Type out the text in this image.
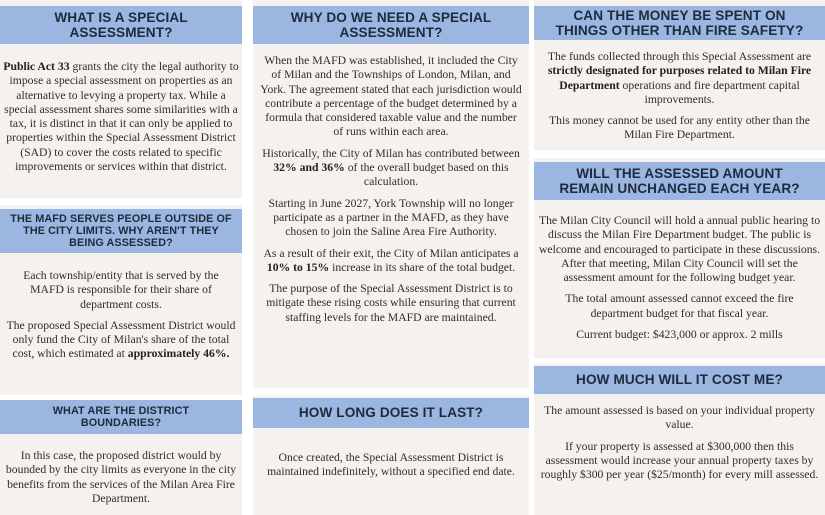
WHAT IS A SPECIAL ASSESSMENT?

Public Act 33 grants the city the legal authority to impose a special assessment on properties as an alternative to levying a property tax. While a special assessment shares some similarities with a tax, it is distinct in that it can only be applied to properties within the Special Assessment District (SAD) to cover the costs related to specific improvements or services within that district.

THE MAFD SERVES PEOPLE OUTSIDE OF THE CITY LIMITS. WHY AREN'T THEY BEING ASSESSED?

Each township/entity that is served by the MAFD is responsible for their share of department costs.

The proposed Special Assessment District would only fund the City of Milan's share of the total cost, which estimated at approximately 46%.

WHAT ARE THE DISTRICT BOUNDARIES?

In this case, the proposed district would by bounded by the city limits as everyone in the city benefits from the services of the Milan Area Fire Department.

WHY DO WE NEED A SPECIAL ASSESSMENT?

When the MAFD was established, it included the City of Milan and the Townships of London, Milan, and York. The agreement stated that each jurisdiction would contribute a percentage of the budget determined by a formula that considered taxable value and the number of runs within each area.

Historically, the City of Milan has contributed between 32% and 36% of the overall budget based on this calculation.

Starting in June 2027, York Township will no longer participate as a partner in the MAFD, as they have chosen to join the Saline Area Fire Authority.

As a result of their exit, the City of Milan anticipates a 10% to 15% increase in its share of the total budget.

The purpose of the Special Assessment District is to mitigate these rising costs while ensuring that current staffing levels for the MAFD are maintained.

HOW LONG DOES IT LAST?

Once created, the Special Assessment District is maintained indefinitely, without a specified end date.

CAN THE MONEY BE SPENT ON THINGS OTHER THAN FIRE SAFETY?

The funds collected through this Special Assessment are strictly designated for purposes related to Milan Fire Department operations and fire department capital improvements.

This money cannot be used for any entity other than the Milan Fire Department.

WILL THE ASSESSED AMOUNT REMAIN UNCHANGED EACH YEAR?

The Milan City Council will hold a annual public hearing to discuss the Milan Fire Department budget. The public is welcome and encouraged to participate in these discussions. After that meeting, Milan City Council will set the assessment amount for the following budget year.

The total amount assessed cannot exceed the fire department budget for that fiscal year.

Current budget: $423,000 or approx. 2 mills

HOW MUCH WILL IT COST ME?

The amount assessed is based on your individual property value.

If your property is assessed at $300,000 then this assessment would increase your annual property taxes by roughly $300 per year ($25/month) for every mill assessed.
